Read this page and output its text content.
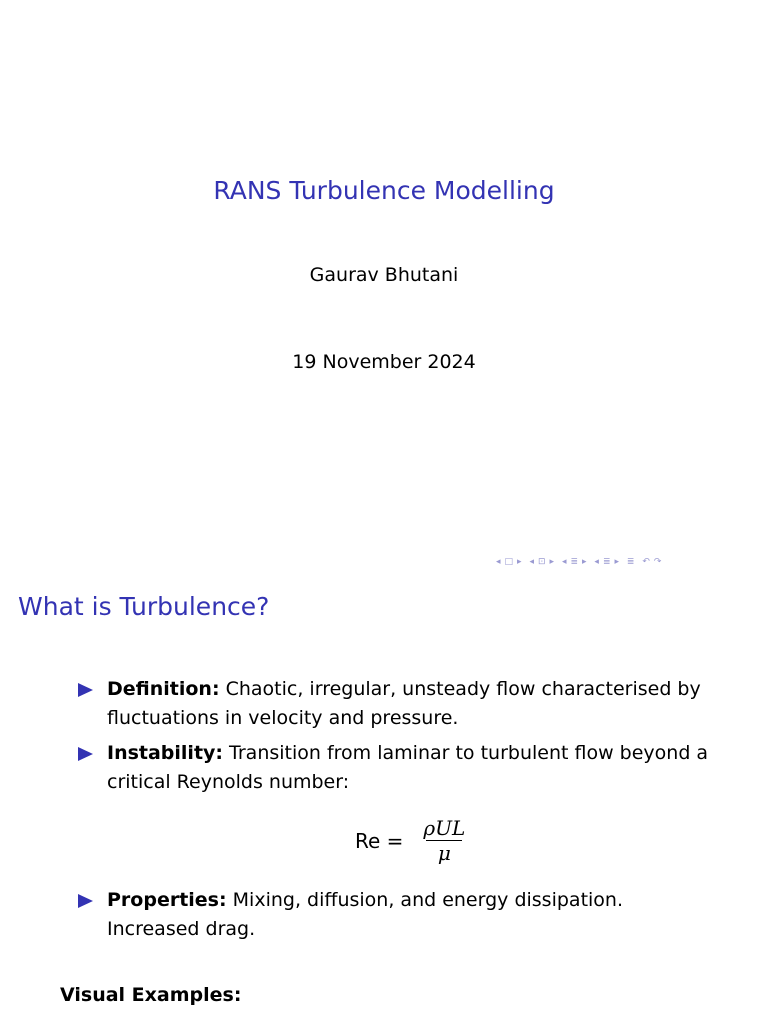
RANS Turbulence Modelling
Gaurav Bhutani
19 November 2024
◂ □ ▸ ◂ ⊡ ▸ ◂ ≣ ▸ ◂ ≣ ▸ ≣ ↶ ↷
What is Turbulence?
Definition: Chaotic, irregular, unsteady flow characterised by fluctuations in velocity and pressure.
Instability: Transition from laminar to turbulent flow beyond a critical Reynolds number:
$Re = \frac{\text{ρUL}}{\mu}$
Properties: Mixing, diffusion, and energy dissipation. Increased drag.
Visual Examples:
